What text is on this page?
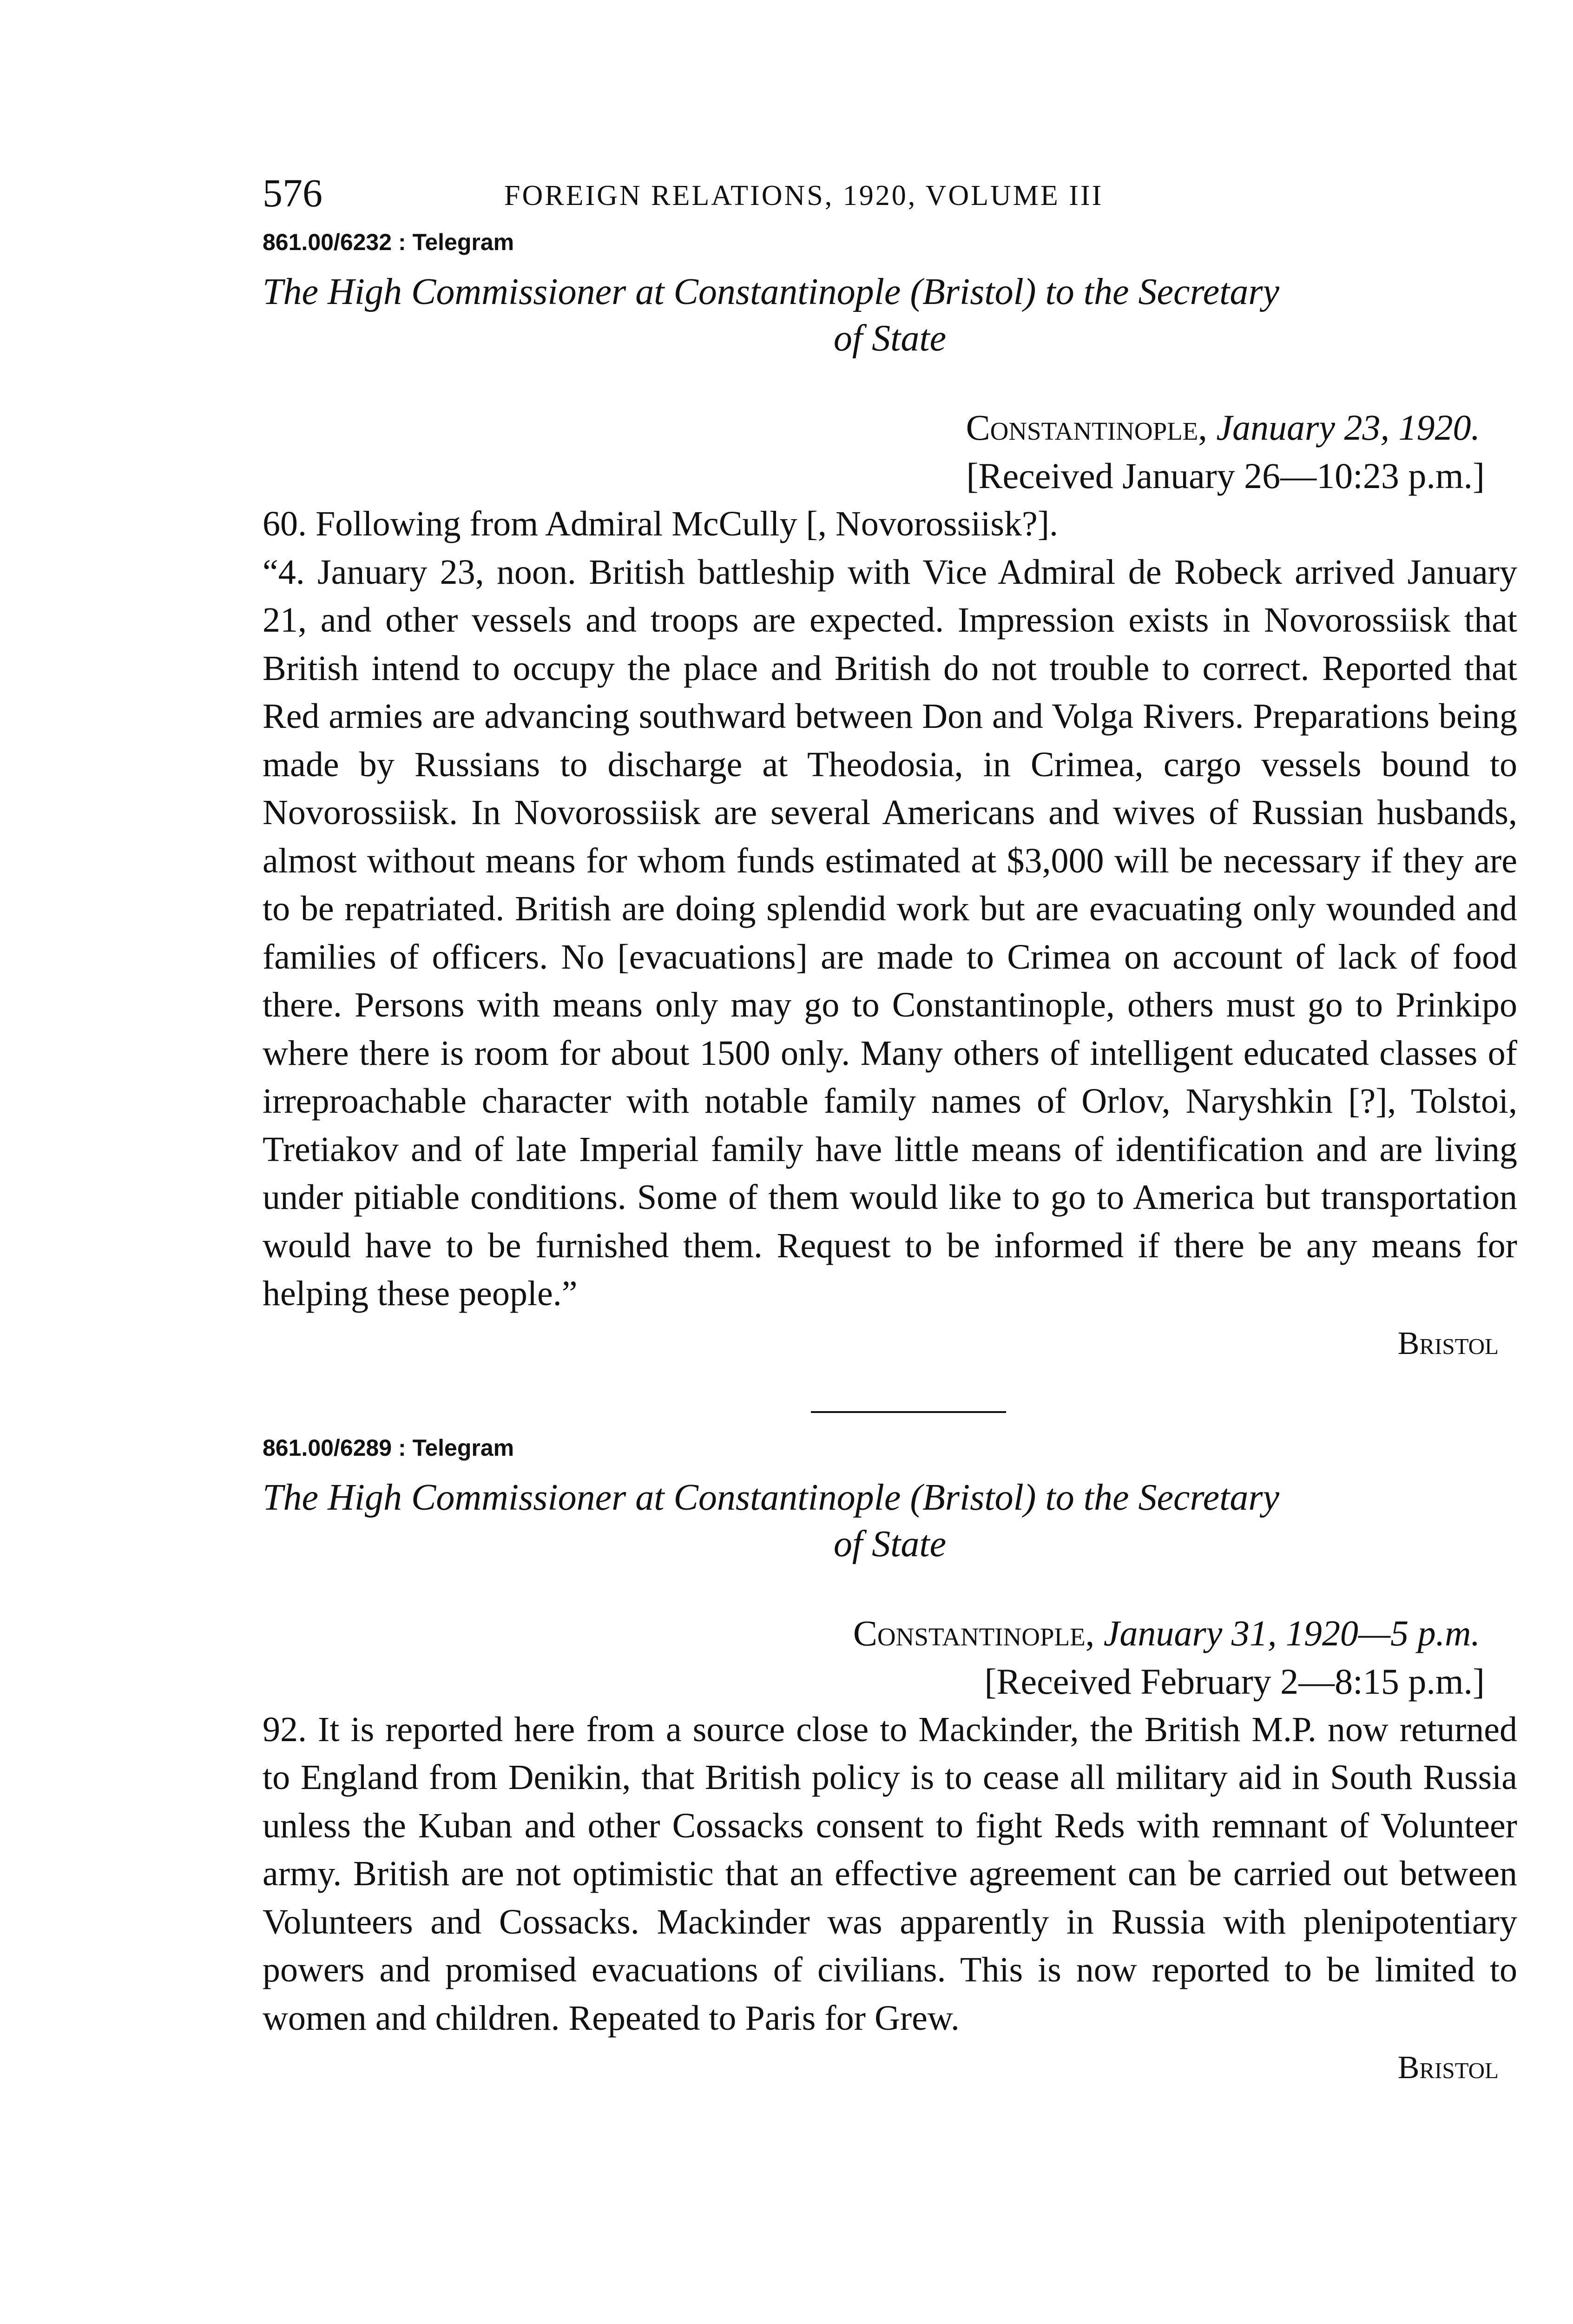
576	FOREIGN RELATIONS, 1920, VOLUME III
861.00/6232 : Telegram
The High Commissioner at Constantinople (Bristol) to the Secretary
of State
Constantinople, January 23, 1920.
[Received January 26—10:23 p.m.]

60. Following from Admiral McCully [, Novorossiisk?].

“4. January 23, noon. British battleship with Vice Admiral de Robeck arrived January 21, and other vessels and troops are expected. Impression exists in Novorossiisk that British intend to occupy the place and British do not trouble to correct. Reported that Red armies are advancing southward between Don and Volga Rivers. Preparations being made by Russians to discharge at Theodosia, in Crimea, cargo vessels bound to Novorossiisk. In Novorossiisk are several Americans and wives of Russian husbands, almost without means for whom funds estimated at $3,000 will be necessary if they are to be repatriated. British are doing splendid work but are evacuating only wounded and families of officers. No [evacuations] are made to Crimea on account of lack of food there. Persons with means only may go to Constantinople, others must go to Prinkipo where there is room for about 1500 only. Many others of intelligent educated classes of irreproachable character with notable family names of Orlov, Naryshkin [?], Tolstoi, Tretiakov and of late Imperial family have little means of identification and are living under pitiable conditions. Some of them would like to go to America but transportation would have to be furnished them. Request to be informed if there be any means for helping these people.”

Bristol
861.00/6289 : Telegram
The High Commissioner at Constantinople (Bristol) to the Secretary
of State
Constantinople, January 31, 1920—5 p.m.
[Received February 2—8:15 p.m.]

92. It is reported here from a source close to Mackinder, the British M.P. now returned to England from Denikin, that British policy is to cease all military aid in South Russia unless the Kuban and other Cossacks consent to fight Reds with remnant of Volunteer army. British are not optimistic that an effective agreement can be carried out between Volunteers and Cossacks. Mackinder was apparently in Russia with plenipotentiary powers and promised evacuations of civilians. This is now reported to be limited to women and children. Repeated to Paris for Grew.

Bristol
